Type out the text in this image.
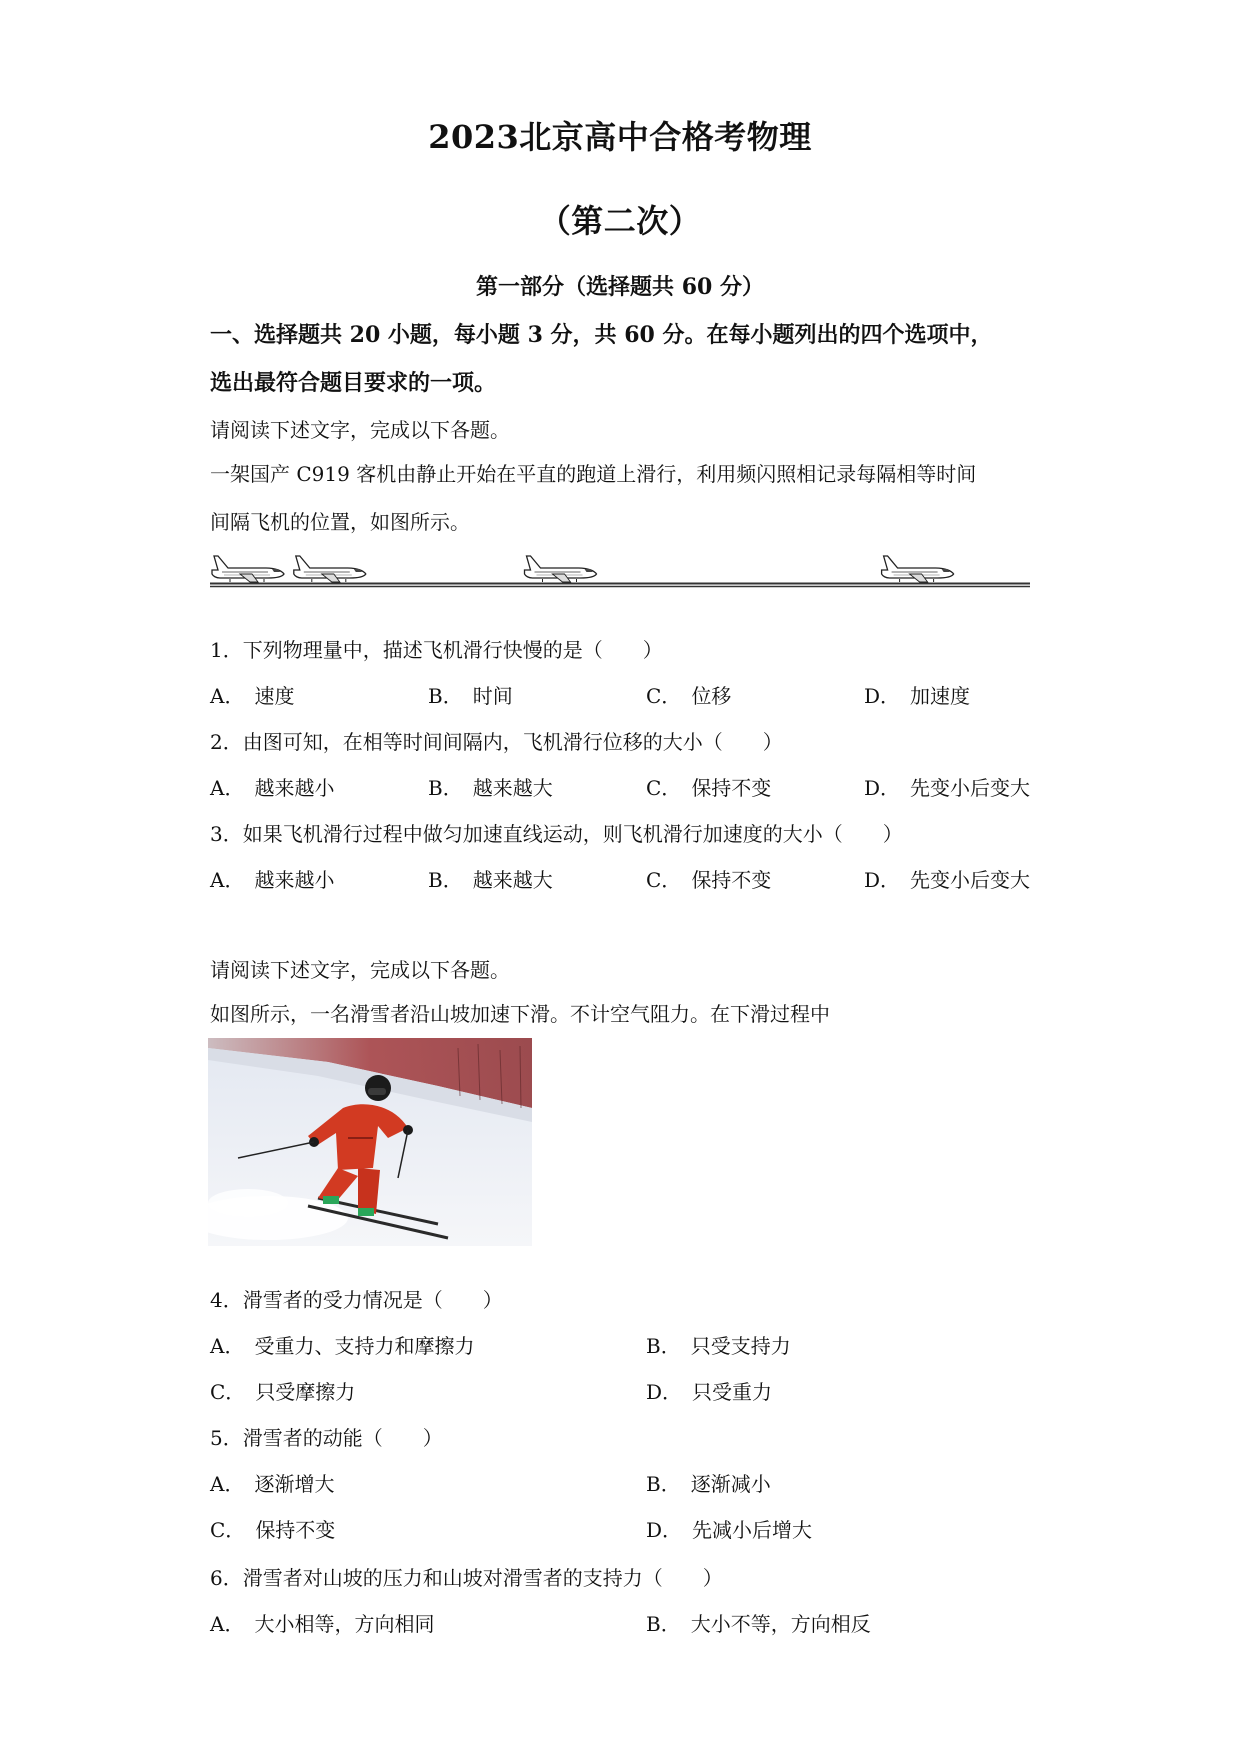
2023北京高中合格考物理
（第二次）
第一部分（选择题共 60 分）
一、选择题共 20 小题，每小题 3 分，共 60 分。在每小题列出的四个选项中，
选出最符合题目要求的一项。
请阅读下述文字，完成以下各题。
一架国产 C919 客机由静止开始在平直的跑道上滑行，利用频闪照相记录每隔相等时间
间隔飞机的位置，如图所示。
1．下列物理量中，描述飞机滑行快慢的是（　　）
A． 速度	B． 时间	C． 位移	D． 加速度
2．由图可知，在相等时间间隔内，飞机滑行位移的大小（　　）
A． 越来越小	B． 越来越大	C． 保持不变	D． 先变小后变大
3．如果飞机滑行过程中做匀加速直线运动，则飞机滑行加速度的大小（　　）
A． 越来越小	B． 越来越大	C． 保持不变	D． 先变小后变大
请阅读下述文字，完成以下各题。
如图所示，一名滑雪者沿山坡加速下滑。不计空气阻力。在下滑过程中
4．滑雪者的受力情况是（　　）
A． 受重力、支持力和摩擦力	B． 只受支持力
C． 只受摩擦力	D． 只受重力
5．滑雪者的动能（　　）
A． 逐渐增大	B． 逐渐减小
C． 保持不变	D． 先减小后增大
6．滑雪者对山坡的压力和山坡对滑雪者的支持力（　　）
A． 大小相等，方向相同	B． 大小不等，方向相反
